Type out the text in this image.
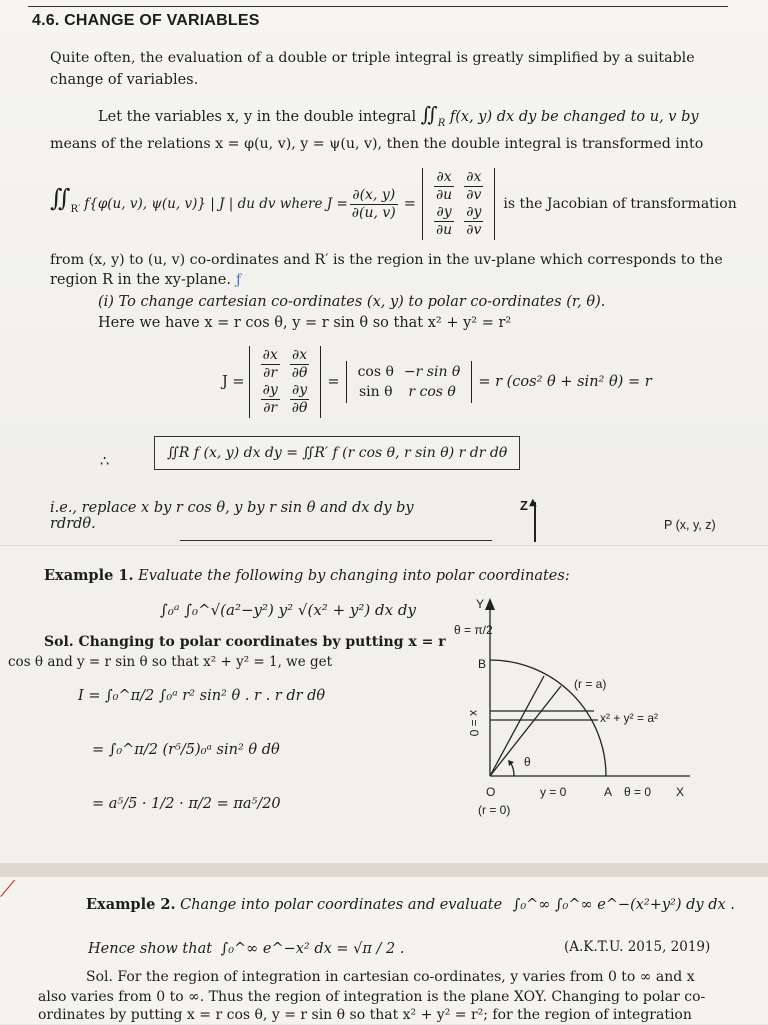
4.6. CHANGE OF VARIABLES
Quite often, the evaluation of a double or triple integral is greatly simplified by a suitable
change of variables.
Let the variables x, y in the double integral $∬_R$ f(x, y) dx dy be changed to u, v by
means of the relations x = φ(u, v), y = ψ(u, v), then the double integral is transformed into
$∬_{R'}$ f{φ(u, v), ψ(u, v)} | J | du dv where $J = \frac{\partial(x, y)}{\partial(u, v)} = \frac{\partial x}{\partial u}$	$\frac{\partial x}{\partial v}$

$\frac{\partial y}{\partial u}$	$\frac{\partial y}{\partial v}$ is the Jacobian of transformation
from (x, y) to (u, v) co-ordinates and R′ is the region in the uv-plane which corresponds to the
region R in the xy-plane. ƒ
(i) To change cartesian co-ordinates (x, y) to polar co-ordinates (r, θ).
Here we have x = r cos θ, y = r sin θ so that x² + y² = r²
$J = \frac{\partial x}{\partial r}$	$\frac{\partial x}{\partial\theta}$

$\frac{\partial y}{\partial r}$	$\frac{\partial y}{\partial\theta}$ =
cos θ	−r sin θ
sin θ	r cos θ
= r (cos² θ + sin² θ) = r
∴
∬R f (x, y) dx dy = ∬R′ f (r cos θ, r sin θ) r dr dθ
i.e., replace x by r cos θ, y by r sin θ and dx dy by
rdrdθ.
Z ▲
P (x, y, z)
Example 1. Evaluate the following by changing into polar coordinates:
∫₀ᵃ ∫₀^√(a²−y²) y² √(x² + y²) dx dy
Sol. Changing to polar coordinates by putting x = r
cos θ and y = r sin θ so that x² + y² = 1, we get
I = ∫₀^π/2 ∫₀ᵃ r² sin² θ . r . r dr dθ
= ∫₀^π/2 (r⁵/5)₀ᵃ sin² θ dθ
= a⁵/5 · 1/2 · π/2 = πa⁵/20
θ = π/2
Y
B
(r = a)
x² + y² = a²
x = 0
θ
O	y = 0	A θ = 0 X
(r = 0)
⟋
Example 2. Change into polar coordinates and evaluate ∫₀^∞ ∫₀^∞ e^−(x²+y²) dy dx .
Hence show that ∫₀^∞ e^−x² dx = √π / 2 .	(A.K.T.U. 2015, 2019)
Sol. For the region of integration in cartesian co-ordinates, y varies from 0 to ∞ and x
also varies from 0 to ∞. Thus the region of integration is the plane XOY. Changing to polar co-
ordinates by putting x = r cos θ, y = r sin θ so that x² + y² = r²; for the region of integration
